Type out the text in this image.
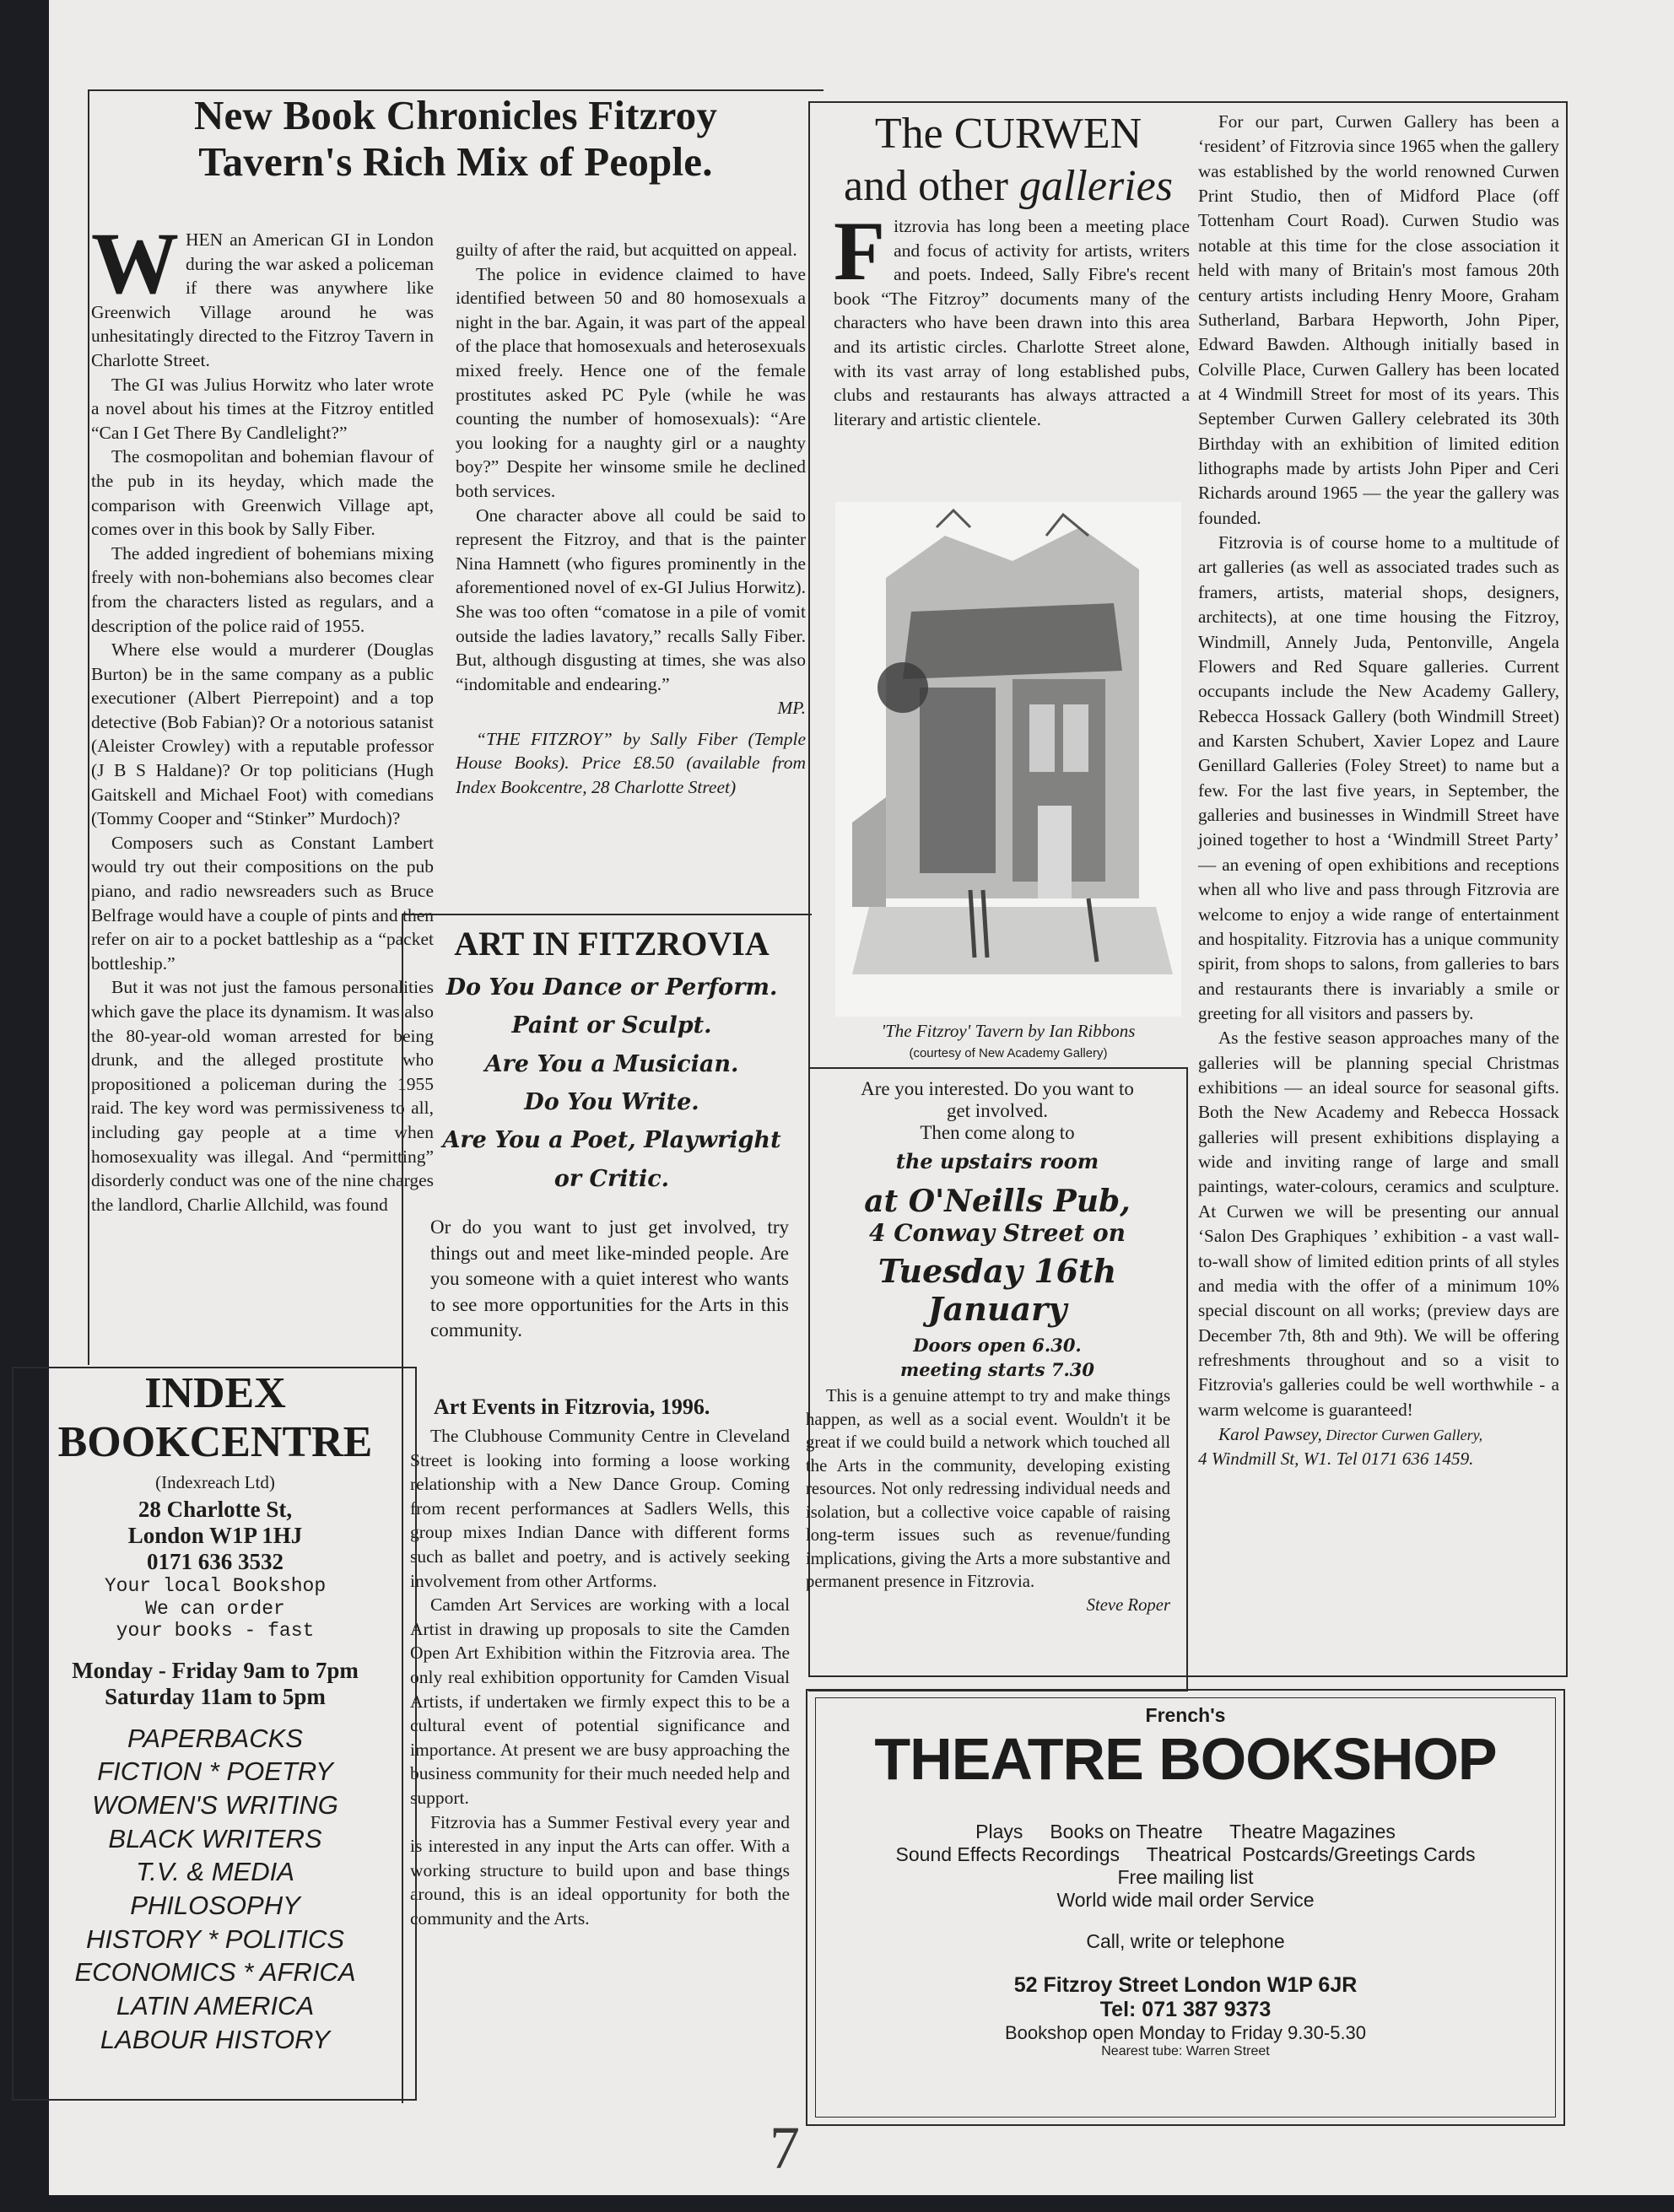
New Book Chronicles Fitzroy
Tavern's Rich Mix of People.

WHEN an American GI in London during the war asked a policeman if there was anywhere like Greenwich Village around he was unhesitatingly directed to the Fitzroy Tavern in Charlotte Street.

The GI was Julius Horwitz who later wrote a novel about his times at the Fitzroy entitled “Can I Get There By Candlelight?”

The cosmopolitan and bohemian flavour of the pub in its heyday, which made the comparison with Greenwich Village apt, comes over in this book by Sally Fiber.

The added ingredient of bohemians mixing freely with non-bohemians also becomes clear from the characters listed as regulars, and a description of the police raid of 1955.

Where else would a murderer (Douglas Burton) be in the same company as a public executioner (Albert Pierrepoint) and a top detective (Bob Fabian)? Or a notorious satanist (Aleister Crowley) with a reputable professor (J B S Haldane)? Or top politicians (Hugh Gaitskell and Michael Foot) with comedians (Tommy Cooper and “Stinker” Murdoch)?

Composers such as Constant Lambert would try out their compositions on the pub piano, and radio newsreaders such as Bruce Belfrage would have a couple of pints and then refer on air to a pocket battleship as a “packet bottleship.”

But it was not just the famous personalities which gave the place its dynamism. It was also the 80-year-old woman arrested for being drunk, and the alleged prostitute who propositioned a policeman during the 1955 raid. The key word was permissiveness to all, including gay people at a time when homosexuality was illegal. And “permitting” disorderly conduct was one of the nine charges the landlord, Charlie Allchild, was found

guilty of after the raid, but acquitted on appeal.

The police in evidence claimed to have identified between 50 and 80 homosexuals a night in the bar. Again, it was part of the appeal of the place that homosexuals and heterosexuals mixed freely. Hence one of the female prostitutes asked PC Pyle (while he was counting the number of homosexuals): “Are you looking for a naughty girl or a naughty boy?” Despite her winsome smile he declined both services.

One character above all could be said to represent the Fitzroy, and that is the painter Nina Hamnett (who figures prominently in the aforementioned novel of ex-GI Julius Horwitz). She was too often “comatose in a pile of vomit outside the ladies lavatory,” recalls Sally Fiber. But, although disgusting at times, she was also “indomitable and endearing.”

MP.

“THE FITZROY” by Sally Fiber (Temple House Books). Price £8.50 (available from Index Bookcentre, 28 Charlotte Street)

ART IN FITZROVIA
Do You Dance or Perform.
Paint or Sculpt.
Are You a Musician.
Do You Write.
Are You a Poet, Playwright
or Critic.

Or do you want to just get involved, try things out and meet like-minded people. Are you someone with a quiet interest who wants to see more opportunities for the Arts in this community.

Art Events in Fitzrovia, 1996.

The Clubhouse Community Centre in Cleveland Street is looking into forming a loose working relationship with a New Dance Group. Coming from recent performances at Sadlers Wells, this group mixes Indian Dance with different forms such as ballet and poetry, and is actively seeking involvement from other Artforms.

Camden Art Services are working with a local Artist in drawing up proposals to site the Camden Open Art Exhibition within the Fitzrovia area. The only real exhibition opportunity for Camden Visual Artists, if undertaken we firmly expect this to be a cultural event of potential significance and importance. At present we are busy approaching the business community for their much needed help and support.

Fitzrovia has a Summer Festival every year and is interested in any input the Arts can offer. With a working structure to build upon and base things around, this is an ideal opportunity for both the community and the Arts.

INDEX
BOOKCENTRE
(Indexreach Ltd)
28 Charlotte St,
London W1P 1HJ
0171 636 3532
Your local Bookshop
We can order
your books - fast
Monday - Friday 9am to 7pm
Saturday 11am to 5pm
PAPERBACKS
FICTION * POETRY
WOMEN'S WRITING
BLACK WRITERS
T.V. & MEDIA
PHILOSOPHY
HISTORY * POLITICS
ECONOMICS * AFRICA
LATIN AMERICA
LABOUR HISTORY
The CURWEN
and other galleries

Fitzrovia has long been a meeting place and focus of activity for artists, writers and poets. Indeed, Sally Fibre's recent book “The Fitzroy” documents many of the characters who have been drawn into this area and its artistic circles. Charlotte Street alone, with its vast array of long established pubs, clubs and restaurants has always attracted a literary and artistic clientele.

'The Fitzroy' Tavern by Ian Ribbons
(courtesy of New Academy Gallery)

For our part, Curwen Gallery has been a ‘resident’ of Fitzrovia since 1965 when the gallery was established by the world renowned Curwen Print Studio, then of Midford Place (off Tottenham Court Road). Curwen Studio was notable at this time for the close association it held with many of Britain's most famous 20th century artists including Henry Moore, Graham Sutherland, Barbara Hepworth, John Piper, Edward Bawden. Although initially based in Colville Place, Curwen Gallery has been located at 4 Windmill Street for most of its years. This September Curwen Gallery celebrated its 30th Birthday with an exhibition of limited edition lithographs made by artists John Piper and Ceri Richards around 1965 — the year the gallery was founded.

Fitzrovia is of course home to a multitude of art galleries (as well as associated trades such as framers, artists, material shops, designers, architects), at one time housing the Fitzroy, Windmill, Annely Juda, Pentonville, Angela Flowers and Red Square galleries. Current occupants include the New Academy Gallery, Rebecca Hossack Gallery (both Windmill Street) and Karsten Schubert, Xavier Lopez and Laure Genillard Galleries (Foley Street) to name but a few. For the last five years, in September, the galleries and businesses in Windmill Street have joined together to host a ‘Windmill Street Party’ — an evening of open exhibitions and receptions when all who live and pass through Fitzrovia are welcome to enjoy a wide range of entertainment and hospitality. Fitzrovia has a unique community spirit, from shops to salons, from galleries to bars and restaurants there is invariably a smile or greeting for all visitors and passers by.

As the festive season approaches many of the galleries will be planning special Christmas exhibitions — an ideal source for seasonal gifts. Both the New Academy and Rebecca Hossack galleries will present exhibitions displaying a wide and inviting range of large and small paintings, water-colours, ceramics and sculpture. At Curwen we will be presenting our annual ‘Salon Des Graphiques ’ exhibition - a vast wall-to-wall show of limited edition prints of all styles and media with the offer of a minimum 10% special discount on all works; (preview days are December 7th, 8th and 9th). We will be offering refreshments throughout and so a visit to Fitzrovia's galleries could be well worthwhile - a warm welcome is guaranteed!

Karol Pawsey, Director Curwen Gallery,

4 Windmill St, W1. Tel 0171 636 1459.

Are you interested. Do you want to
get involved.
Then come along to
the upstairs room
at O'Neills Pub,
4 Conway Street on
Tuesday 16th January
Doors open 6.30.
meeting starts 7.30

This is a genuine attempt to try and make things happen, as well as a social event. Wouldn't it be great if we could build a network which touched all the Arts in the community, developing existing resources. Not only redressing individual needs and isolation, but a collective voice capable of raising long-term issues such as revenue/funding implications, giving the Arts a more substantive and permanent presence in Fitzrovia.

Steve Roper

French's
THEATRE BOOKSHOP
Plays     Books on Theatre     Theatre Magazines
Sound Effects Recordings     Theatrical  Postcards/Greetings Cards
Free mailing list
World wide mail order Service
Call, write or telephone
52 Fitzroy Street London W1P 6JR
Tel: 071 387 9373
Bookshop open Monday to Friday 9.30-5.30
Nearest tube: Warren Street
7
